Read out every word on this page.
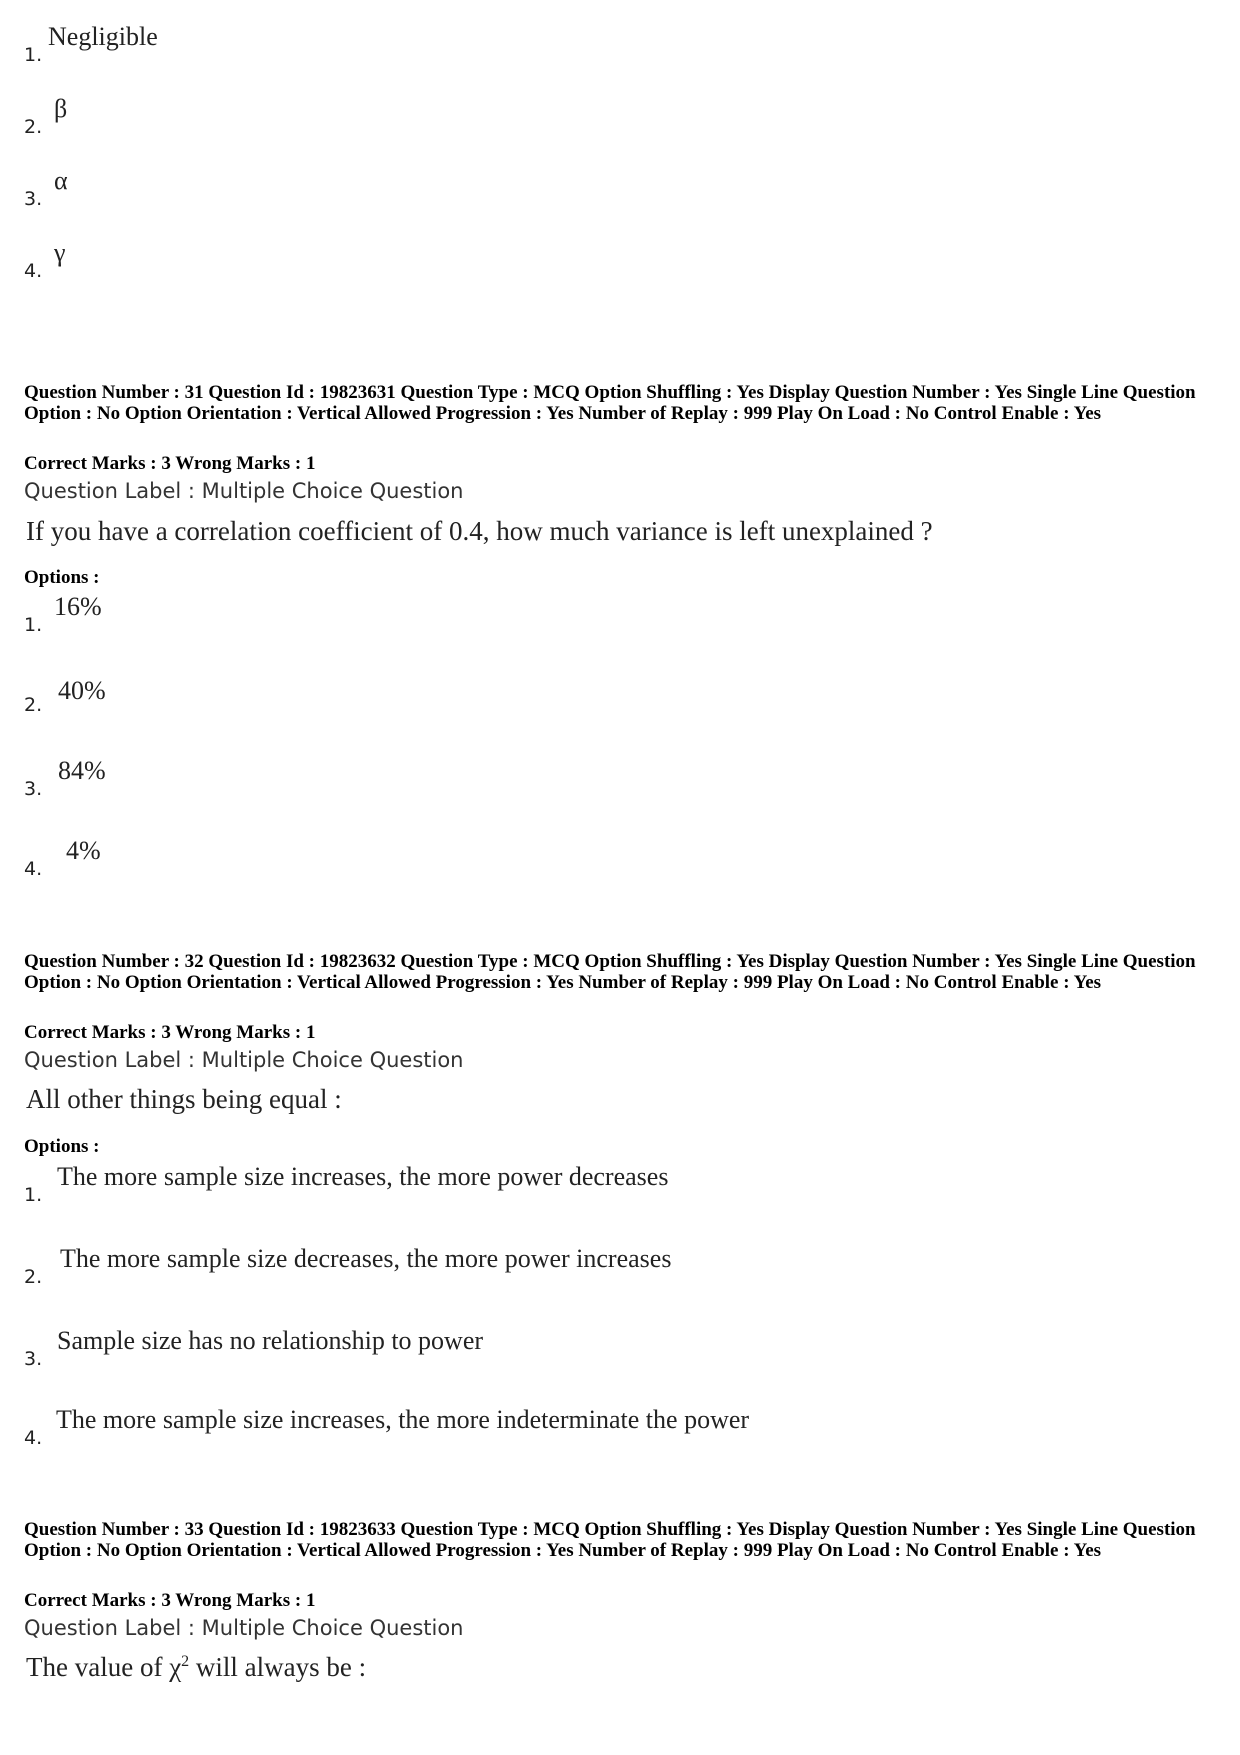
1.
Negligible
2.
β
3.
α
4.
γ
Question Number : 31 Question Id : 19823631 Question Type : MCQ Option Shuffling : Yes Display Question Number : Yes Single Line Question Option : No Option Orientation : Vertical Allowed Progression : Yes Number of Replay : 999 Play On Load : No Control Enable : Yes
Correct Marks : 3 Wrong Marks : 1
Question Label : Multiple Choice Question
If you have a correlation coefficient of 0.4, how much variance is left unexplained ?
Options :
1.
16%
2. 40%
3.
84%
4.
4%
Question Number : 32 Question Id : 19823632 Question Type : MCQ Option Shuffling : Yes Display Question Number : Yes Single Line Question Option : No Option Orientation : Vertical Allowed Progression : Yes Number of Replay : 999 Play On Load : No Control Enable : Yes
Correct Marks : 3 Wrong Marks : 1
Question Label : Multiple Choice Question
All other things being equal :
Options :
1.
The more sample size increases, the more power decreases
2.
The more sample size decreases, the more power increases
3.
Sample size has no relationship to power
4.
The more sample size increases, the more indeterminate the power
Question Number : 33 Question Id : 19823633 Question Type : MCQ Option Shuffling : Yes Display Question Number : Yes Single Line Question Option : No Option Orientation : Vertical Allowed Progression : Yes Number of Replay : 999 Play On Load : No Control Enable : Yes
Correct Marks : 3 Wrong Marks : 1
Question Label : Multiple Choice Question
The value of $\chi^2$ will always be :
